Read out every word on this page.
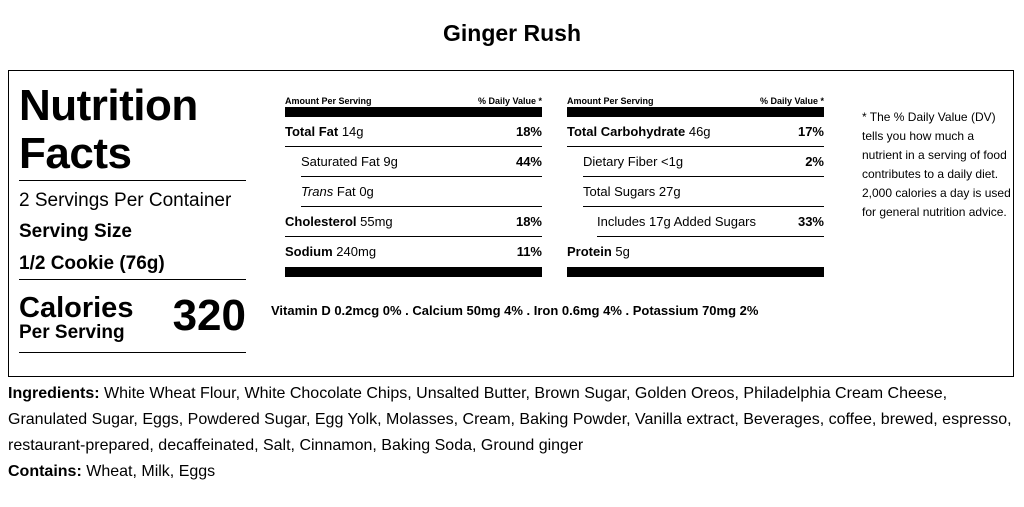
Ginger Rush
Nutrition
Facts
2 Servings Per Container
Serving Size
1/2 Cookie (76g)
Calories
Per Serving	320
Amount Per Serving	% Daily Value *
Total Fat 14g	18%
Saturated Fat 9g	44%
Trans Fat 0g
Cholesterol 55mg	18%
Sodium 240mg	11%
Amount Per Serving	% Daily Value *
Total Carbohydrate 46g	17%
Dietary Fiber <1g	2%
Total Sugars 27g
Includes 17g Added Sugars	33%
Protein 5g
Vitamin D 0.2mcg 0% . Calcium 50mg 4% . Iron 0.6mg 4% . Potassium 70mg 2%
* The % Daily Value (DV) tells you how much a nutrient in a serving of food contributes to a daily diet. 2,000 calories a day is used for general nutrition advice.
Ingredients: White Wheat Flour, White Chocolate Chips, Unsalted Butter, Brown Sugar, Golden Oreos, Philadelphia Cream Cheese, Granulated Sugar, Eggs, Powdered Sugar, Egg Yolk, Molasses, Cream, Baking Powder, Vanilla extract, Beverages, coffee, brewed, espresso, restaurant-prepared, decaffeinated, Salt, Cinnamon, Baking Soda, Ground ginger
Contains: Wheat, Milk, Eggs
